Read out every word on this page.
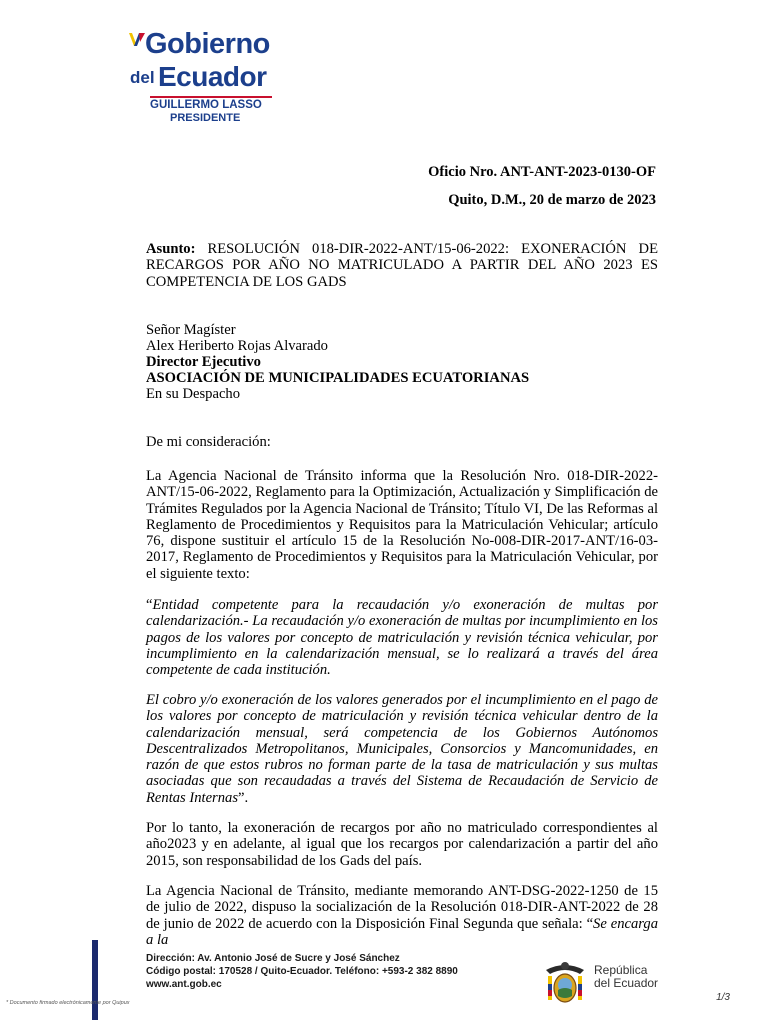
Gobierno
del Ecuador
GUILLERMO LASSO
PRESIDENTE
Oficio Nro. ANT-ANT-2023-0130-OF
Quito, D.M., 20 de marzo de 2023
Asunto: RESOLUCIÓN 018-DIR-2022-ANT/15-06-2022: EXONERACIÓN DE RECARGOS POR AÑO NO MATRICULADO A PARTIR DEL AÑO 2023 ES COMPETENCIA DE LOS GADS
Señor Magíster
Alex Heriberto Rojas Alvarado
Director Ejecutivo
ASOCIACIÓN DE MUNICIPALIDADES ECUATORIANAS
En su Despacho
De mi consideración:
La Agencia Nacional de Tránsito informa que la Resolución Nro. 018-DIR-2022-ANT/15-06-2022, Reglamento para la Optimización, Actualización y Simplificación de Trámites Regulados por la Agencia Nacional de Tránsito; Título VI, De las Reformas al Reglamento de Procedimientos y Requisitos para la Matriculación Vehicular; artículo 76, dispone sustituir el artículo 15 de la Resolución No-008-DIR-2017-ANT/16-03-2017, Reglamento de Procedimientos y Requisitos para la Matriculación Vehicular, por el siguiente texto:
“Entidad competente para la recaudación y/o exoneración de multas por calendarización.- La recaudación y/o exoneración de multas por incumplimiento en los pagos de los valores por concepto de matriculación y revisión técnica vehicular, por incumplimiento en la calendarización mensual, se lo realizará a través del área competente de cada institución.
El cobro y/o exoneración de los valores generados por el incumplimiento en el pago de los valores por concepto de matriculación y revisión técnica vehicular dentro de la calendarización mensual, será competencia de los Gobiernos Autónomos Descentralizados Metropolitanos, Municipales, Consorcios y Mancomunidades, en razón de que estos rubros no forman parte de la tasa de matriculación y sus multas asociadas que son recaudadas a través del Sistema de Recaudación de Servicio de Rentas Internas”.
Por lo tanto, la exoneración de recargos por año no matriculado correspondientes al año2023 y en adelante, al igual que los recargos por calendarización a partir del año 2015, son responsabilidad de los Gads del país.
La Agencia Nacional de Tránsito, mediante memorando ANT-DSG-2022-1250 de 15 de julio de 2022, dispuso la socialización de la Resolución 018-DIR-ANT-2022 de 28 de junio de 2022 de acuerdo con la Disposición Final Segunda que señala: “Se encarga a la
Dirección: Av. Antonio José de Sucre y José Sánchez
Código postal: 170528 / Quito-Ecuador. Teléfono: +593-2 382 8890
www.ant.gob.ec
República
del Ecuador
* Documento firmado electrónicamente por Quipux	1/3
